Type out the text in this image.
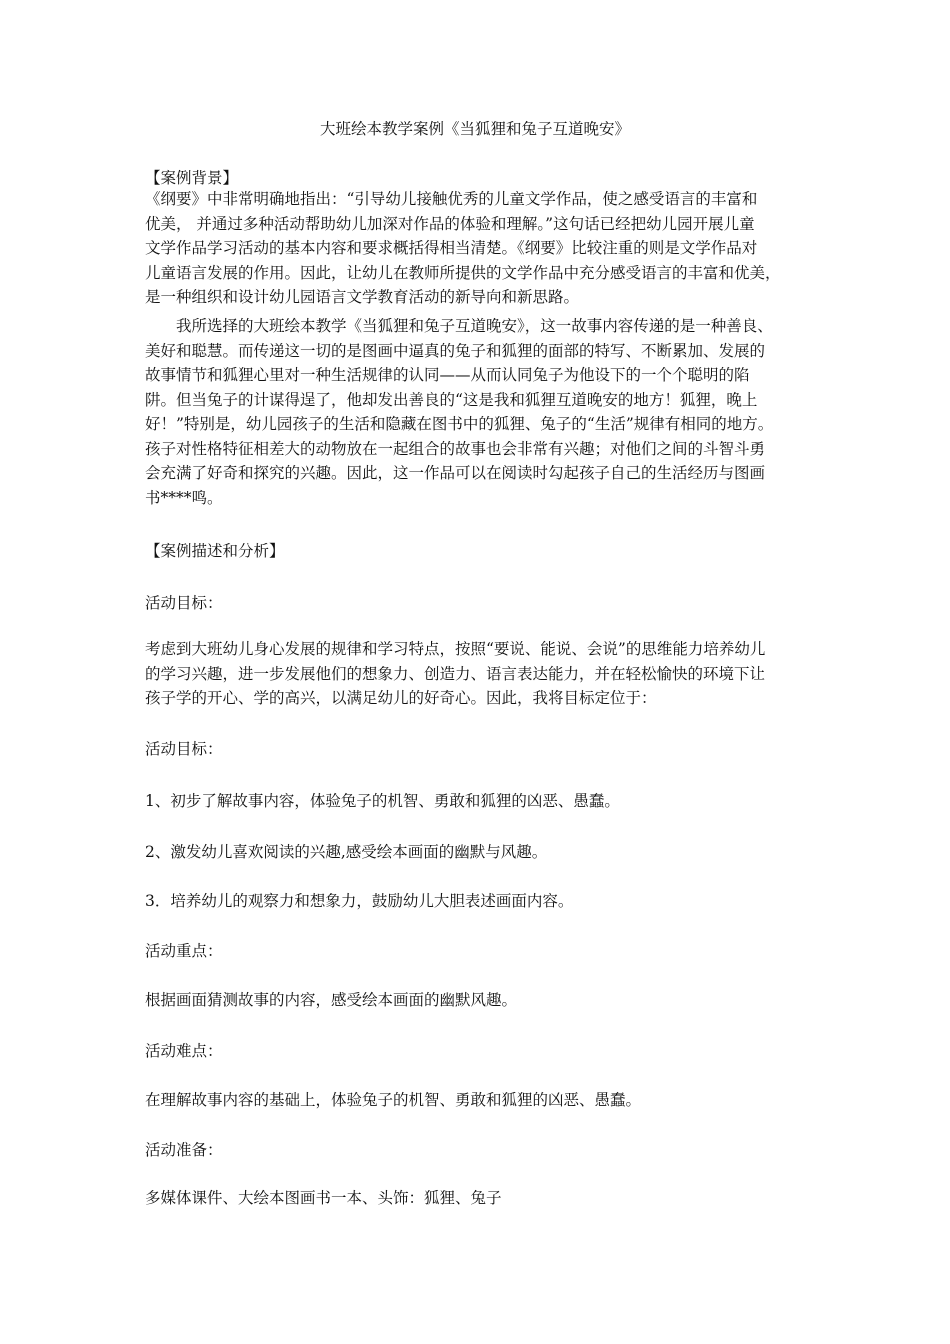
大班绘本教学案例《当狐狸和兔子互道晚安》
【案例背景】
《纲要》中非常明确地指出：“引导幼儿接触优秀的儿童文学作品，使之感受语言的丰富和
优美， 并通过多种活动帮助幼儿加深对作品的体验和理解。”这句话已经把幼儿园开展儿童
文学作品学习活动的基本内容和要求概括得相当清楚。《纲要》比较注重的则是文学作品对
儿童语言发展的作用。因此，让幼儿在教师所提供的文学作品中充分感受语言的丰富和优美，
是一种组织和设计幼儿园语言文学教育活动的新导向和新思路。
　　我所选择的大班绘本教学《当狐狸和兔子互道晚安》，这一故事内容传递的是一种善良、
美好和聪慧。而传递这一切的是图画中逼真的兔子和狐狸的面部的特写、不断累加、发展的
故事情节和狐狸心里对一种生活规律的认同——从而认同兔子为他设下的一个个聪明的陷
阱。但当兔子的计谋得逞了，他却发出善良的“这是我和狐狸互道晚安的地方！狐狸，晚上
好！”特别是，幼儿园孩子的生活和隐藏在图书中的狐狸、兔子的“生活”规律有相同的地方。
孩子对性格特征相差大的动物放在一起组合的故事也会非常有兴趣；对他们之间的斗智斗勇
会充满了好奇和探究的兴趣。因此，这一作品可以在阅读时勾起孩子自己的生活经历与图画
书****鸣。
【案例描述和分析】
活动目标：
考虑到大班幼儿身心发展的规律和学习特点，按照“要说、能说、会说”的思维能力培养幼儿
的学习兴趣，进一步发展他们的想象力、创造力、语言表达能力，并在轻松愉快的环境下让
孩子学的开心、学的高兴，以满足幼儿的好奇心。因此，我将目标定位于：
活动目标：
1、初步了解故事内容，体验兔子的机智、勇敢和狐狸的凶恶、愚蠢。
2、激发幼儿喜欢阅读的兴趣,感受绘本画面的幽默与风趣。
3．培养幼儿的观察力和想象力，鼓励幼儿大胆表述画面内容。
活动重点：
根据画面猜测故事的内容，感受绘本画面的幽默风趣。
活动难点：
在理解故事内容的基础上，体验兔子的机智、勇敢和狐狸的凶恶、愚蠢。
活动准备：
多媒体课件、大绘本图画书一本、头饰：狐狸、兔子
